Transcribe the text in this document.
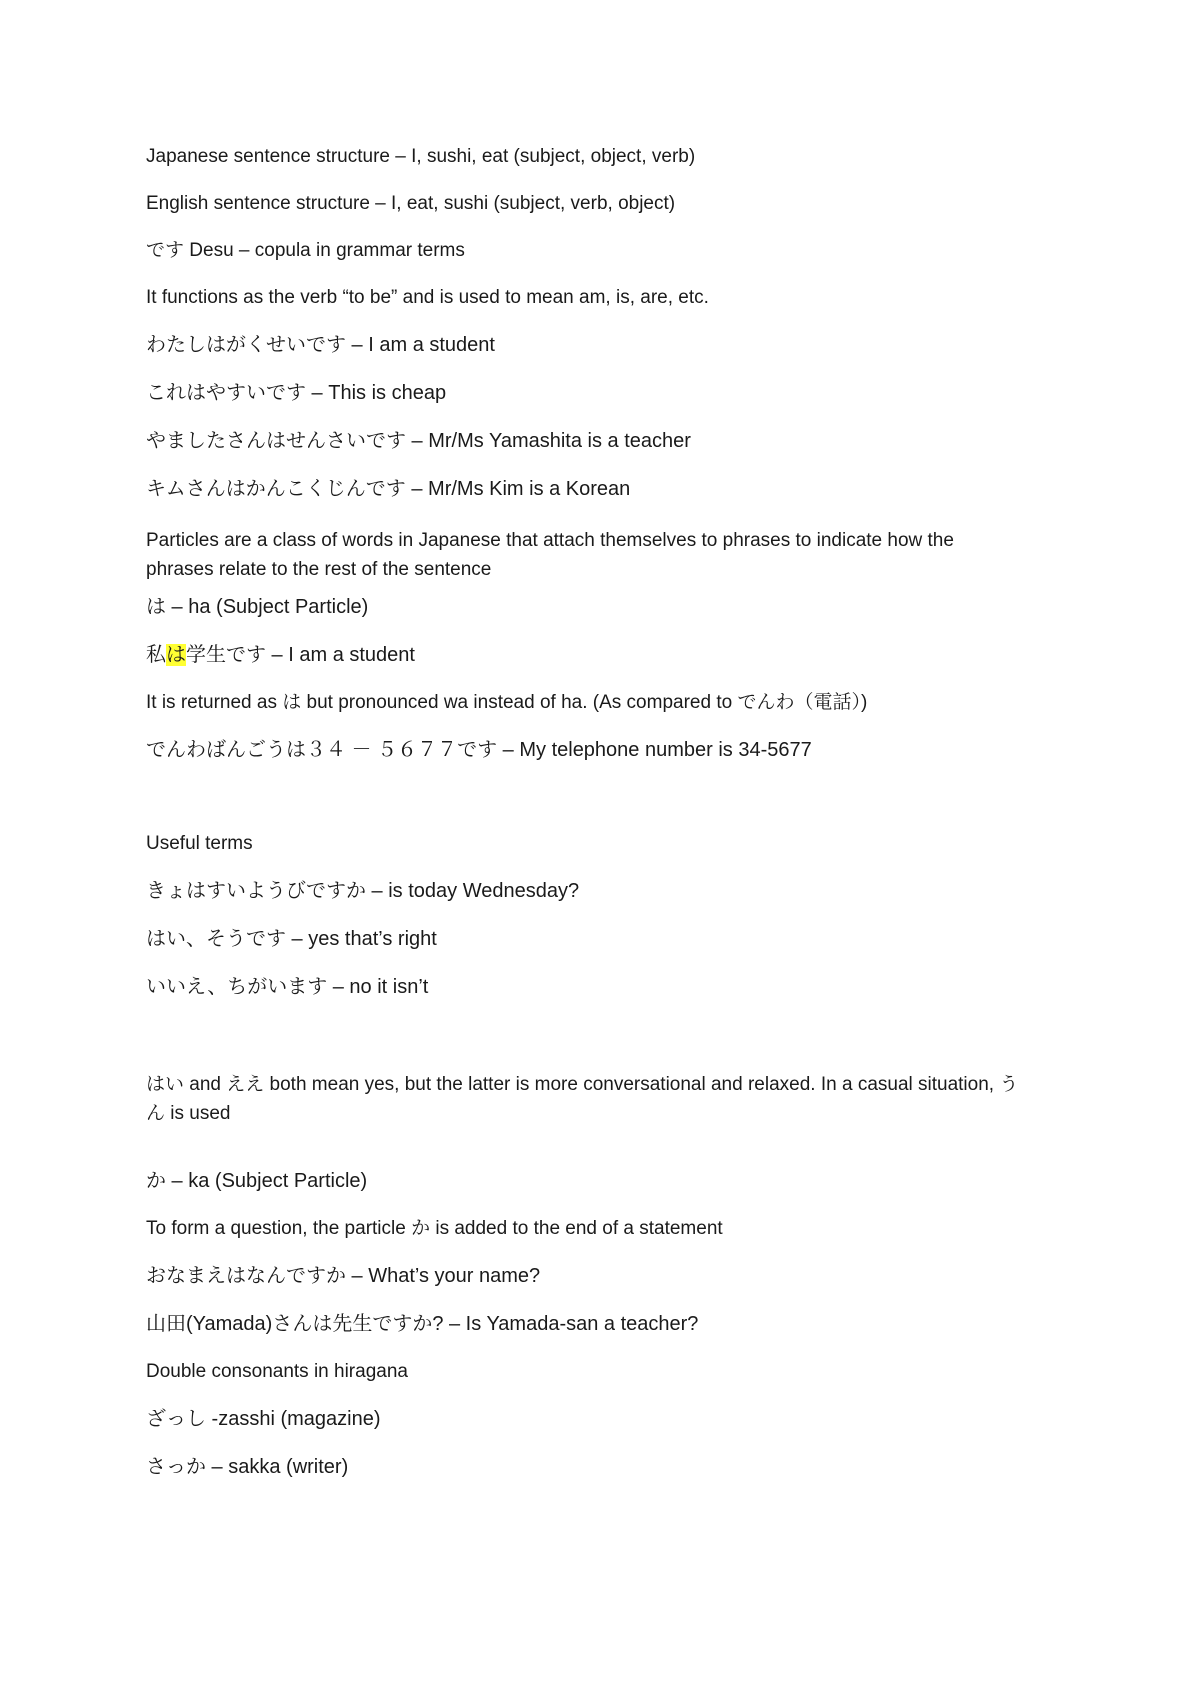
Japanese sentence structure – I, sushi, eat (subject, object, verb)

English sentence structure – I, eat, sushi (subject, verb, object)

です Desu – copula in grammar terms

It functions as the verb “to be” and is used to mean am, is, are, etc.

わたしはがくせいです – I am a student

これはやすいです – This is cheap

やましたさんはせんさいです – Mr/Ms Yamashita is a teacher

キムさんはかんこくじんです – Mr/Ms Kim is a Korean

Particles are a class of words in Japanese that attach themselves to phrases to indicate how the phrases relate to the rest of the sentence

は – ha (Subject Particle)

私は学生です – I am a student

It is returned as は but pronounced wa instead of ha. (As compared to でんわ（電話）)

でんわばんごうは３４ － ５６７７です – My telephone number is 34-5677

Useful terms

きょはすいようびですか – is today Wednesday?

はい、そうです – yes that’s right

いいえ、ちがいます – no it isn’t

はい and ええ both mean yes, but the latter is more conversational and relaxed. In a casual situation, うん is used

か – ka (Subject Particle)

To form a question, the particle か is added to the end of a statement

おなまえはなんですか – What’s your name?

山田(Yamada)さんは先生ですか? – Is Yamada-san a teacher?

Double consonants in hiragana

ざっし -zasshi (magazine)

さっか – sakka (writer)
